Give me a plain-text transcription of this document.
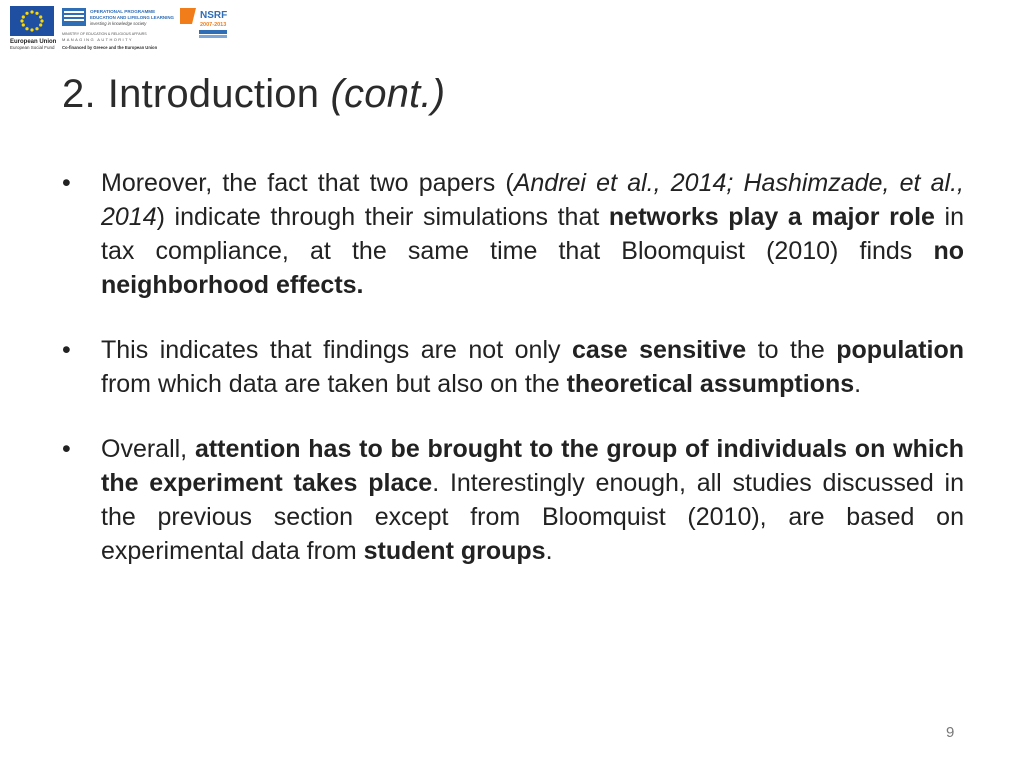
European Union
European Social Fund
OPERATIONAL PROGRAMME
EDUCATION AND LIFELONG LEARNING
investing in knowledge society
MINISTRY OF EDUCATION & RELIGIOUS AFFAIRS
MANAGING AUTHORITY
Co-financed by Greece and the European Union
NSRF
2007-2013
2. Introduction (cont.)
• Moreover, the fact that two papers (Andrei et al., 2014; Hashimzade, et al., 2014) indicate through their simulations that networks play a major role in tax compliance, at the same time that Bloomquist (2010) finds no neighborhood effects.
• This indicates that findings are not only case sensitive to the population from which data are taken but also on the theoretical assumptions.
• Overall, attention has to be brought to the group of individuals on which the experiment takes place. Interestingly enough, all studies discussed in the previous section except from Bloomquist (2010), are based on experimental data from student groups.
9
